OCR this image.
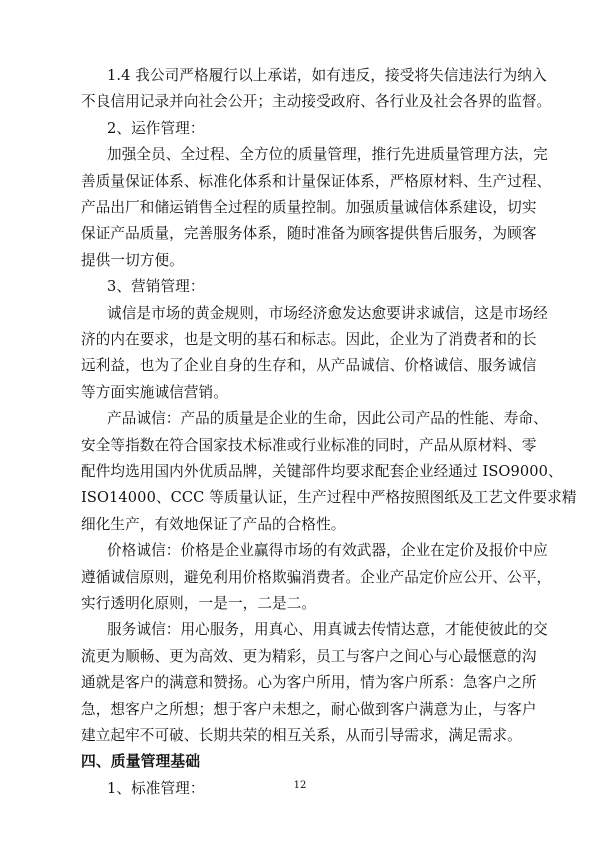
1.4 我公司严格履行以上承诺，如有违反，接受将失信违法行为纳入
不良信用记录并向社会公开；主动接受政府、各行业及社会各界的监督。
2、运作管理：
加强全员、全过程、全方位的质量管理，推行先进质量管理方法，完
善质量保证体系、标准化体系和计量保证体系，严格原材料、生产过程、
产品出厂和储运销售全过程的质量控制。加强质量诚信体系建设，切实
保证产品质量，完善服务体系，随时准备为顾客提供售后服务，为顾客
提供一切方便。
3、营销管理：
诚信是市场的黄金规则，市场经济愈发达愈要讲求诚信，这是市场经
济的内在要求，也是文明的基石和标志。因此，企业为了消费者和的长
远利益，也为了企业自身的生存和，从产品诚信、价格诚信、服务诚信
等方面实施诚信营销。
产品诚信：产品的质量是企业的生命，因此公司产品的性能、寿命、
安全等指数在符合国家技术标准或行业标准的同时，产品从原材料、零
配件均选用国内外优质品牌，关键部件均要求配套企业经通过 ISO9000、
ISO14000、CCC 等质量认证，生产过程中严格按照图纸及工艺文件要求精
细化生产，有效地保证了产品的合格性。
价格诚信：价格是企业赢得市场的有效武器，企业在定价及报价中应
遵循诚信原则，避免利用价格欺骗消费者。企业产品定价应公开、公平，
实行透明化原则，一是一，二是二。
服务诚信：用心服务，用真心、用真诚去传情达意，才能使彼此的交
流更为顺畅、更为高效、更为精彩，员工与客户之间心与心最惬意的沟
通就是客户的满意和赞扬。心为客户所用，情为客户所系：急客户之所
急，想客户之所想；想于客户未想之，耐心做到客户满意为止，与客户
建立起牢不可破、长期共荣的相互关系，从而引导需求，满足需求。
四、质量管理基础
1、标准管理：	12
